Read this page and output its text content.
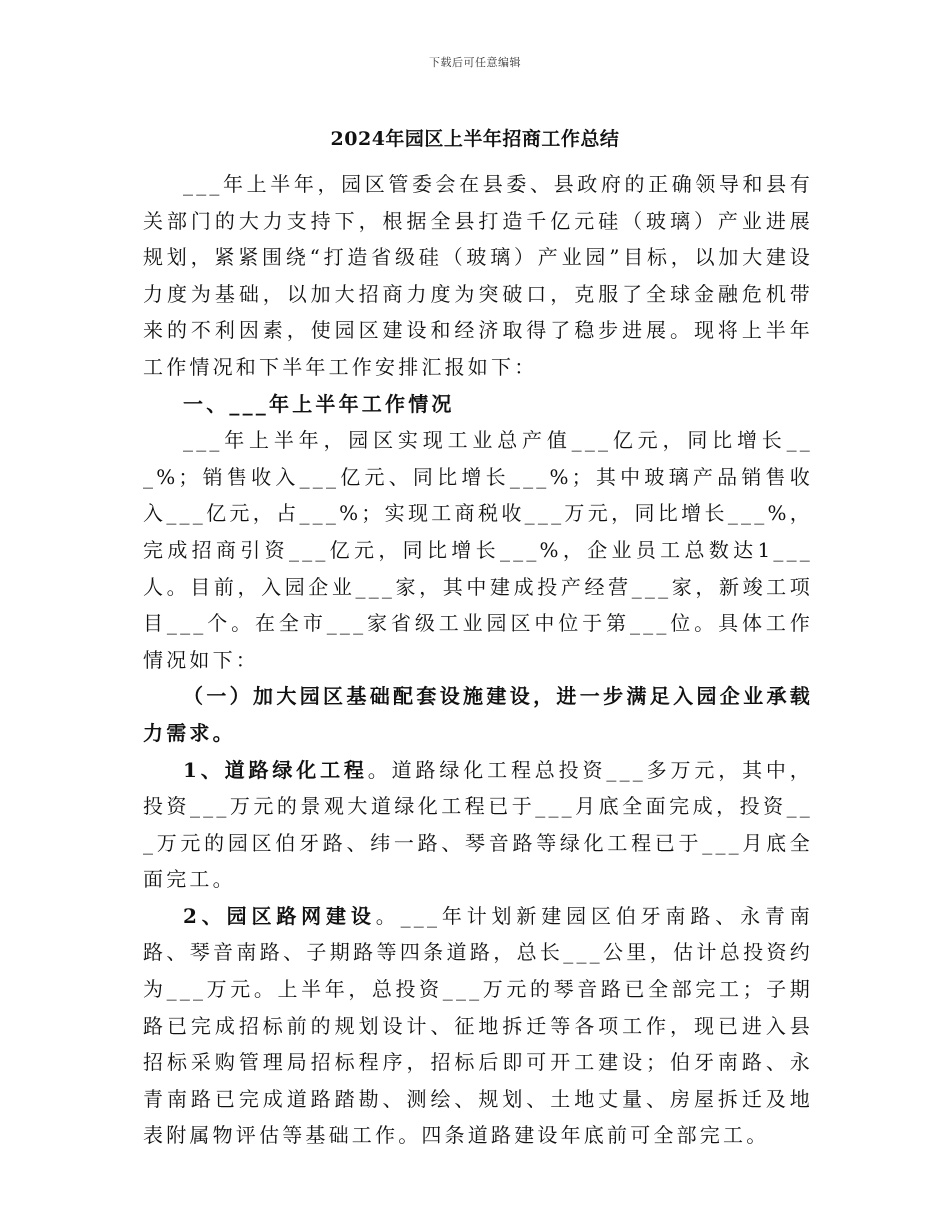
下载后可任意编辑
2024年园区上半年招商工作总结

___年上半年，园区管委会在县委、县政府的正确领导和县有关部门的大力支持下，根据全县打造千亿元硅（玻璃）产业进展规划，紧紧围绕“打造省级硅（玻璃）产业园”目标，以加大建设力度为基础，以加大招商力度为突破口，克服了全球金融危机带来的不利因素，使园区建设和经济取得了稳步进展。现将上半年工作情况和下半年工作安排汇报如下：

一、___年上半年工作情况

___年上半年，园区实现工业总产值___亿元，同比增长___%；销售收入___亿元、同比增长___%；其中玻璃产品销售收入___亿元，占___%；实现工商税收___万元，同比增长___%，完成招商引资___亿元，同比增长___%，企业员工总数达1___人。目前，入园企业___家，其中建成投产经营___家，新竣工项目___个。在全市___家省级工业园区中位于第___位。具体工作情况如下：

（一）加大园区基础配套设施建设，进一步满足入园企业承载力需求。

1、道路绿化工程。道路绿化工程总投资___多万元，其中，投资___万元的景观大道绿化工程已于___月底全面完成，投资___万元的园区伯牙路、纬一路、琴音路等绿化工程已于___月底全面完工。

2、园区路网建设。___年计划新建园区伯牙南路、永青南路、琴音南路、子期路等四条道路，总长___公里，估计总投资约为___万元。上半年，总投资___万元的琴音路已全部完工；子期路已完成招标前的规划设计、征地拆迁等各项工作，现已进入县招标采购管理局招标程序，招标后即可开工建设；伯牙南路、永青南路已完成道路踏勘、测绘、规划、土地丈量、房屋拆迁及地表附属物评估等基础工作。四条道路建设年底前可全部完工。
